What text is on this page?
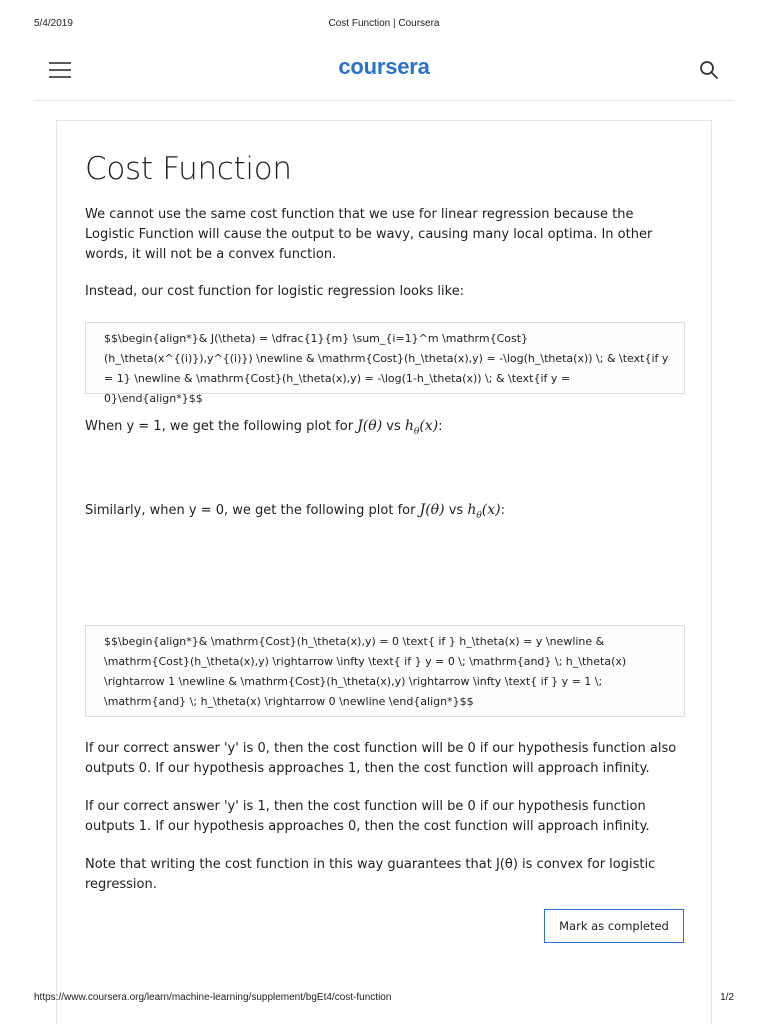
5/4/2019	Cost Function | Coursera
coursera
Cost Function

We cannot use the same cost function that we use for linear regression because the Logistic Function will cause the output to be wavy, causing many local optima. In other words, it will not be a convex function.

Instead, our cost function for logistic regression looks like:

$$\begin{align*}& J(\theta) = \dfrac{1}{m} \sum_{i=1}^m \mathrm{Cost}(h_\theta(x^{(i)}),y^{(i)}) \newline & \mathrm{Cost}(h_\theta(x),y) = -\log(h_\theta(x)) \; & \text{if y = 1} \newline & \mathrm{Cost}(h_\theta(x),y) = -\log(1-h_\theta(x)) \; & \text{if y = 0}\end{align*}$$

When y = 1, we get the following plot for J(θ) vs $h_\theta(x)$:

Similarly, when y = 0, we get the following plot for J(θ) vs $h_\theta(x)$:

$$\begin{align*}& \mathrm{Cost}(h_\theta(x),y) = 0 \text{ if } h_\theta(x) = y \newline & \mathrm{Cost}(h_\theta(x),y) \rightarrow \infty \text{ if } y = 0 \; \mathrm{and} \; h_\theta(x) \rightarrow 1 \newline & \mathrm{Cost}(h_\theta(x),y) \rightarrow \infty \text{ if } y = 1 \; \mathrm{and} \; h_\theta(x) \rightarrow 0 \newline \end{align*}$$

If our correct answer 'y' is 0, then the cost function will be 0 if our hypothesis function also outputs 0. If our hypothesis approaches 1, then the cost function will approach infinity.

If our correct answer 'y' is 1, then the cost function will be 0 if our hypothesis function outputs 1. If our hypothesis approaches 0, then the cost function will approach infinity.

Note that writing the cost function in this way guarantees that J(θ) is convex for logistic regression.

Mark as completed
https://www.coursera.org/learn/machine-learning/supplement/bgEt4/cost-function	1/2
